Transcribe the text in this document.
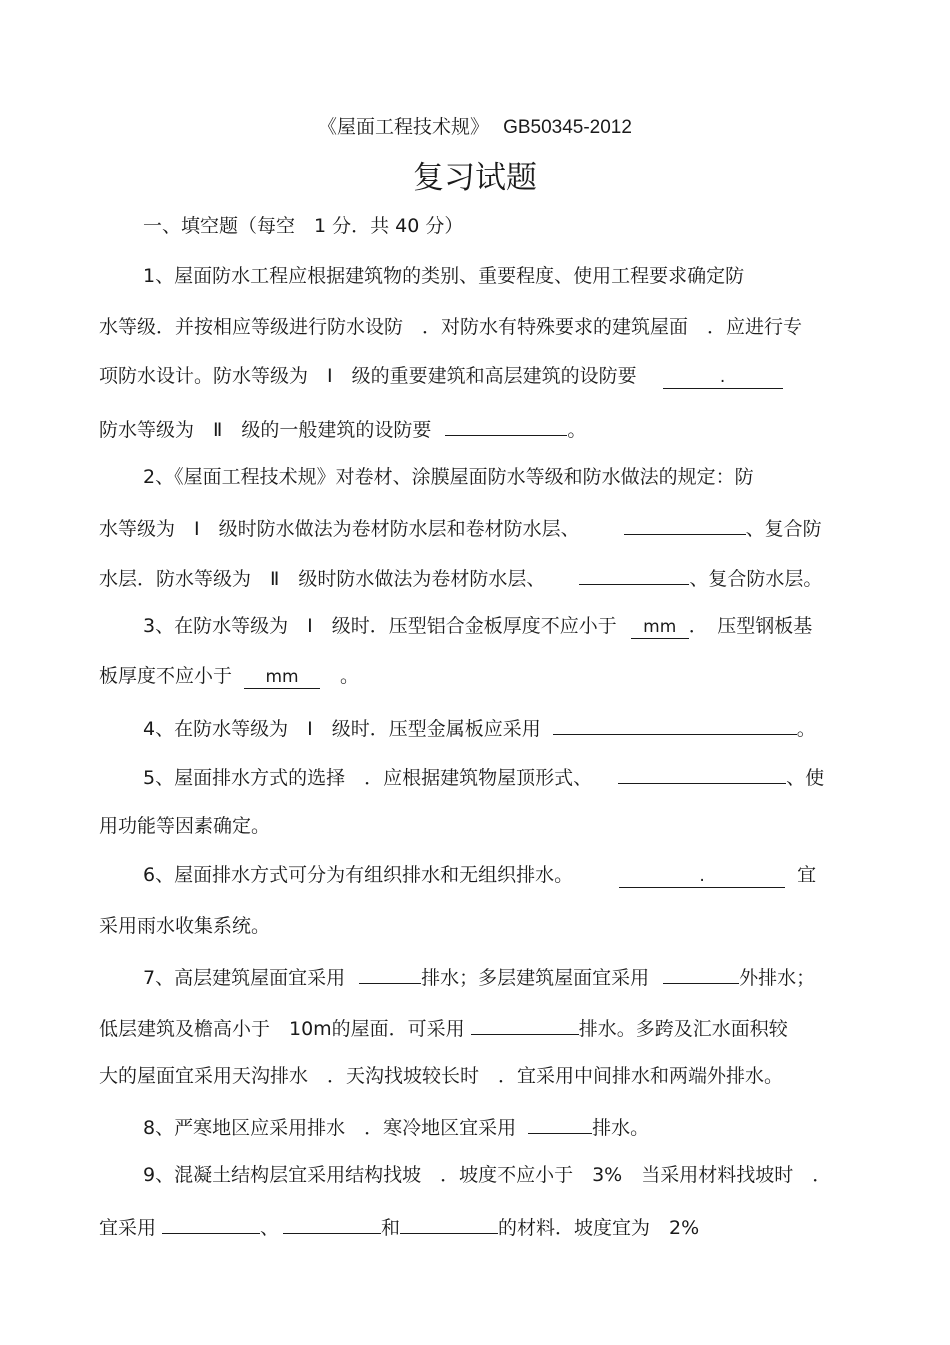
《屋面工程技术规》 GB50345-2012
复习试题
一、填空题（每空　1 分．共 40 分）
1、屋面防水工程应根据建筑物的类别、重要程度、使用工程要求确定防
水等级．并按相应等级进行防水设防　．对防水有特殊要求的建筑屋面　．应进行专
项防水设计。防水等级为　Ⅰ　级的重要建筑和高层建筑的设防要	.
防水等级为　Ⅱ　级的一般建筑的设防要	。
2、《屋面工程技术规》对卷材、涂膜屋面防水等级和防水做法的规定：防
水等级为　Ⅰ　级时防水做法为卷材防水层和卷材防水层、	、复合防
水层．防水等级为　Ⅱ　级时防水做法为卷材防水层、	、复合防水层。
3、在防水等级为　Ⅰ　级时．压型铝合金板厚度不应小于 mm ．　压型钢板基
板厚度不应小于 mm 。
4、在防水等级为　Ⅰ　级时．压型金属板应采用	。
5、屋面排水方式的选择　．应根据建筑物屋顶形式、	、使
用功能等因素确定。
6、屋面排水方式可分为有组织排水和无组织排水。	.	宜
采用雨水收集系统。
7、高层建筑屋面宜采用	排水；多层建筑屋面宜采用	外排水；
低层建筑及檐高小于　10m的屋面．可采用	排水。多跨及汇水面积较
大的屋面宜采用天沟排水　．天沟找坡较长时　．宜采用中间排水和两端外排水。
8、严寒地区应采用排水　．寒冷地区宜采用	排水。
9、混凝土结构层宜采用结构找坡　．坡度不应小于　3%　当采用材料找坡时　．
宜采用	、	和	的材料．坡度宜为　2%
